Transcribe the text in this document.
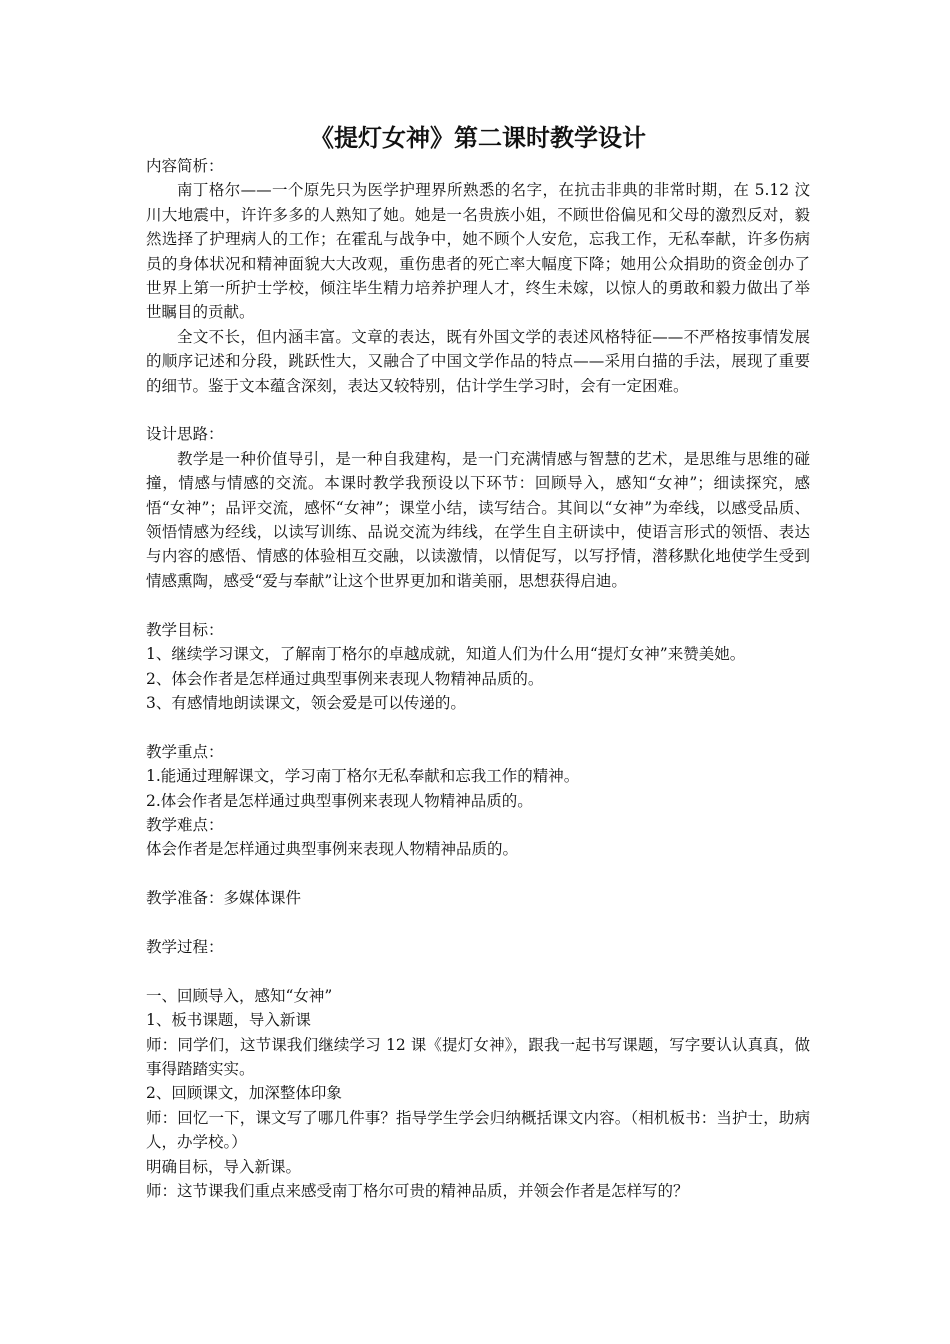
《提灯女神》第二课时教学设计

内容简析：

南丁格尔——一个原先只为医学护理界所熟悉的名字，在抗击非典的非常时期，在 5.12 汶川大地震中，许许多多的人熟知了她。她是一名贵族小姐，不顾世俗偏见和父母的激烈反对，毅然选择了护理病人的工作；在霍乱与战争中，她不顾个人安危，忘我工作，无私奉献，许多伤病员的身体状况和精神面貌大大改观，重伤患者的死亡率大幅度下降；她用公众捐助的资金创办了世界上第一所护士学校，倾注毕生精力培养护理人才，终生未嫁，以惊人的勇敢和毅力做出了举世瞩目的贡献。

全文不长，但内涵丰富。文章的表达，既有外国文学的表述风格特征——不严格按事情发展的顺序记述和分段，跳跃性大，又融合了中国文学作品的特点——采用白描的手法，展现了重要的细节。鉴于文本蕴含深刻，表达又较特别，估计学生学习时，会有一定困难。

设计思路：

教学是一种价值导引，是一种自我建构，是一门充满情感与智慧的艺术，是思维与思维的碰撞，情感与情感的交流。本课时教学我预设以下环节：回顾导入，感知“女神”；细读探究，感悟“女神”；品评交流，感怀“女神”；课堂小结，读写结合。其间以“女神”为牵线，以感受品质、领悟情感为经线，以读写训练、品说交流为纬线，在学生自主研读中，使语言形式的领悟、表达与内容的感悟、情感的体验相互交融，以读激情，以情促写，以写抒情，潜移默化地使学生受到情感熏陶，感受“爱与奉献”让这个世界更加和谐美丽，思想获得启迪。

教学目标：

1、继续学习课文，了解南丁格尔的卓越成就，知道人们为什么用“提灯女神”来赞美她。

2、体会作者是怎样通过典型事例来表现人物精神品质的。

3、有感情地朗读课文，领会爱是可以传递的。

教学重点：

1.能通过理解课文，学习南丁格尔无私奉献和忘我工作的精神。

2.体会作者是怎样通过典型事例来表现人物精神品质的。

教学难点：

体会作者是怎样通过典型事例来表现人物精神品质的。

教学准备：多媒体课件

教学过程：

一、回顾导入，感知“女神”

1、板书课题，导入新课

师：同学们，这节课我们继续学习 12 课《提灯女神》，跟我一起书写课题，写字要认认真真，做事得踏踏实实。

2、回顾课文，加深整体印象

师：回忆一下，课文写了哪几件事？指导学生学会归纳概括课文内容。（相机板书：当护士，助病人，办学校。）

明确目标，导入新课。

师：这节课我们重点来感受南丁格尔可贵的精神品质，并领会作者是怎样写的？
